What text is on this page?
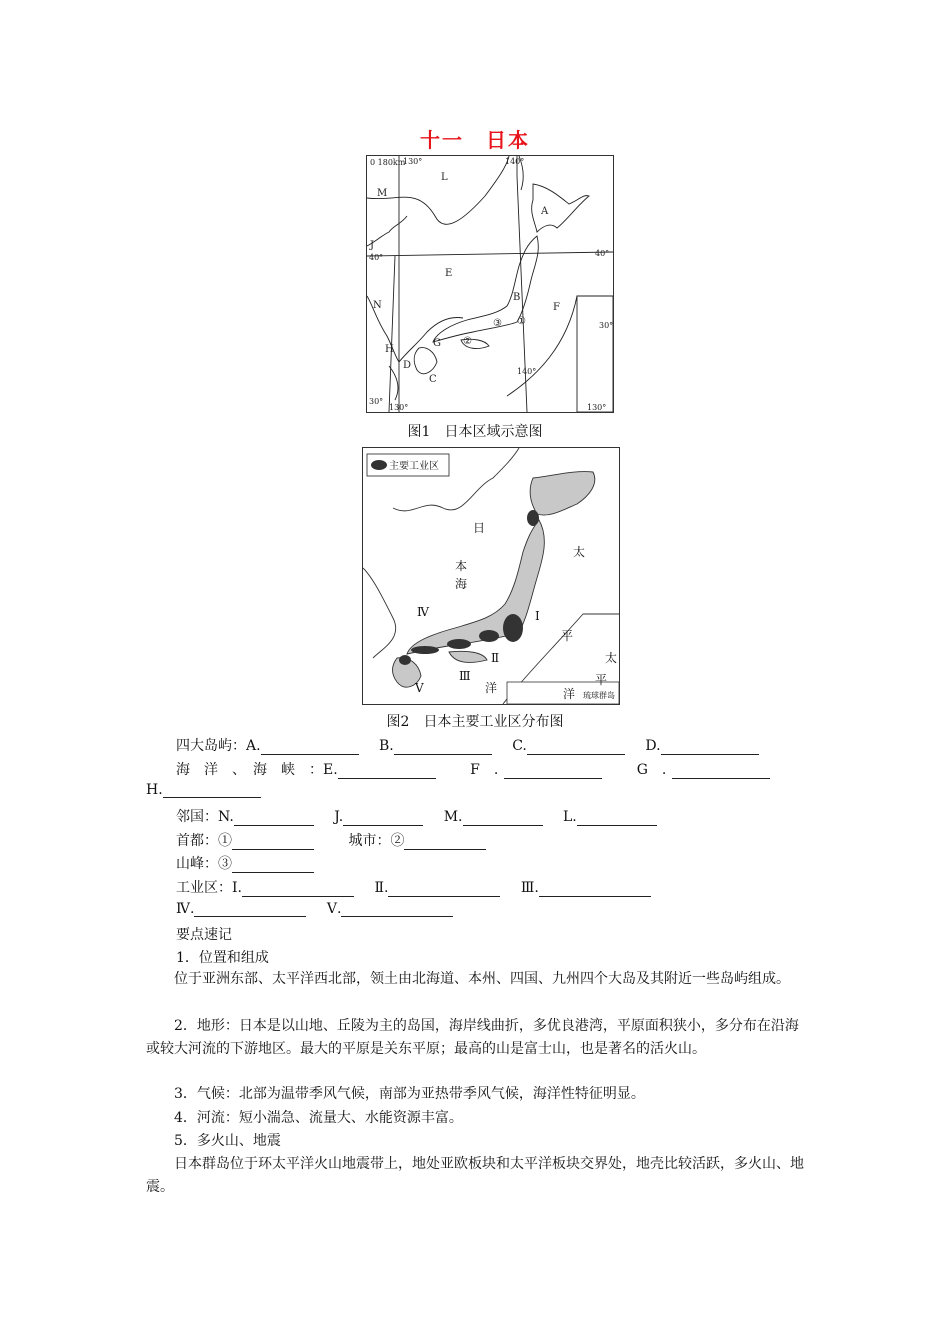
十一　日本
0 180km
130°	140°
140°
130°	130°
40°	40°
30°
30°
L
M
A
E
J
N
B
F
G
H
D
C
①
②
③
图1　日本区域示意图
主要工业区
日
本
海
太
平
洋
太
平
洋
Ⅰ
Ⅱ
Ⅲ
Ⅳ
Ⅴ
琉球群岛
图2　日本主要工业区分布图
四大岛屿：A.	B.	C.	D.
海　洋　、　海　峡　：E.	F　.	G　.
H.
邻国：N.	J.	M.	L.
首都：①	城市：②
山峰：③
工业区：Ⅰ.	Ⅱ.	Ⅲ.
Ⅳ.	Ⅴ.
要点速记
1．位置和组成
位于亚洲东部、太平洋西北部，领土由北海道、本州、四国、九州四个大岛及其附近一些岛屿组成。
2．地形：日本是以山地、丘陵为主的岛国，海岸线曲折，多优良港湾，平原面积狭小，多分布在沿海或较大河流的下游地区。最大的平原是关东平原；最高的山是富士山，也是著名的活火山。
3．气候：北部为温带季风气候，南部为亚热带季风气候，海洋性特征明显。
4．河流：短小湍急、流量大、水能资源丰富。
5．多火山、地震
日本群岛位于环太平洋火山地震带上，地处亚欧板块和太平洋板块交界处，地壳比较活跃，多火山、地震。
